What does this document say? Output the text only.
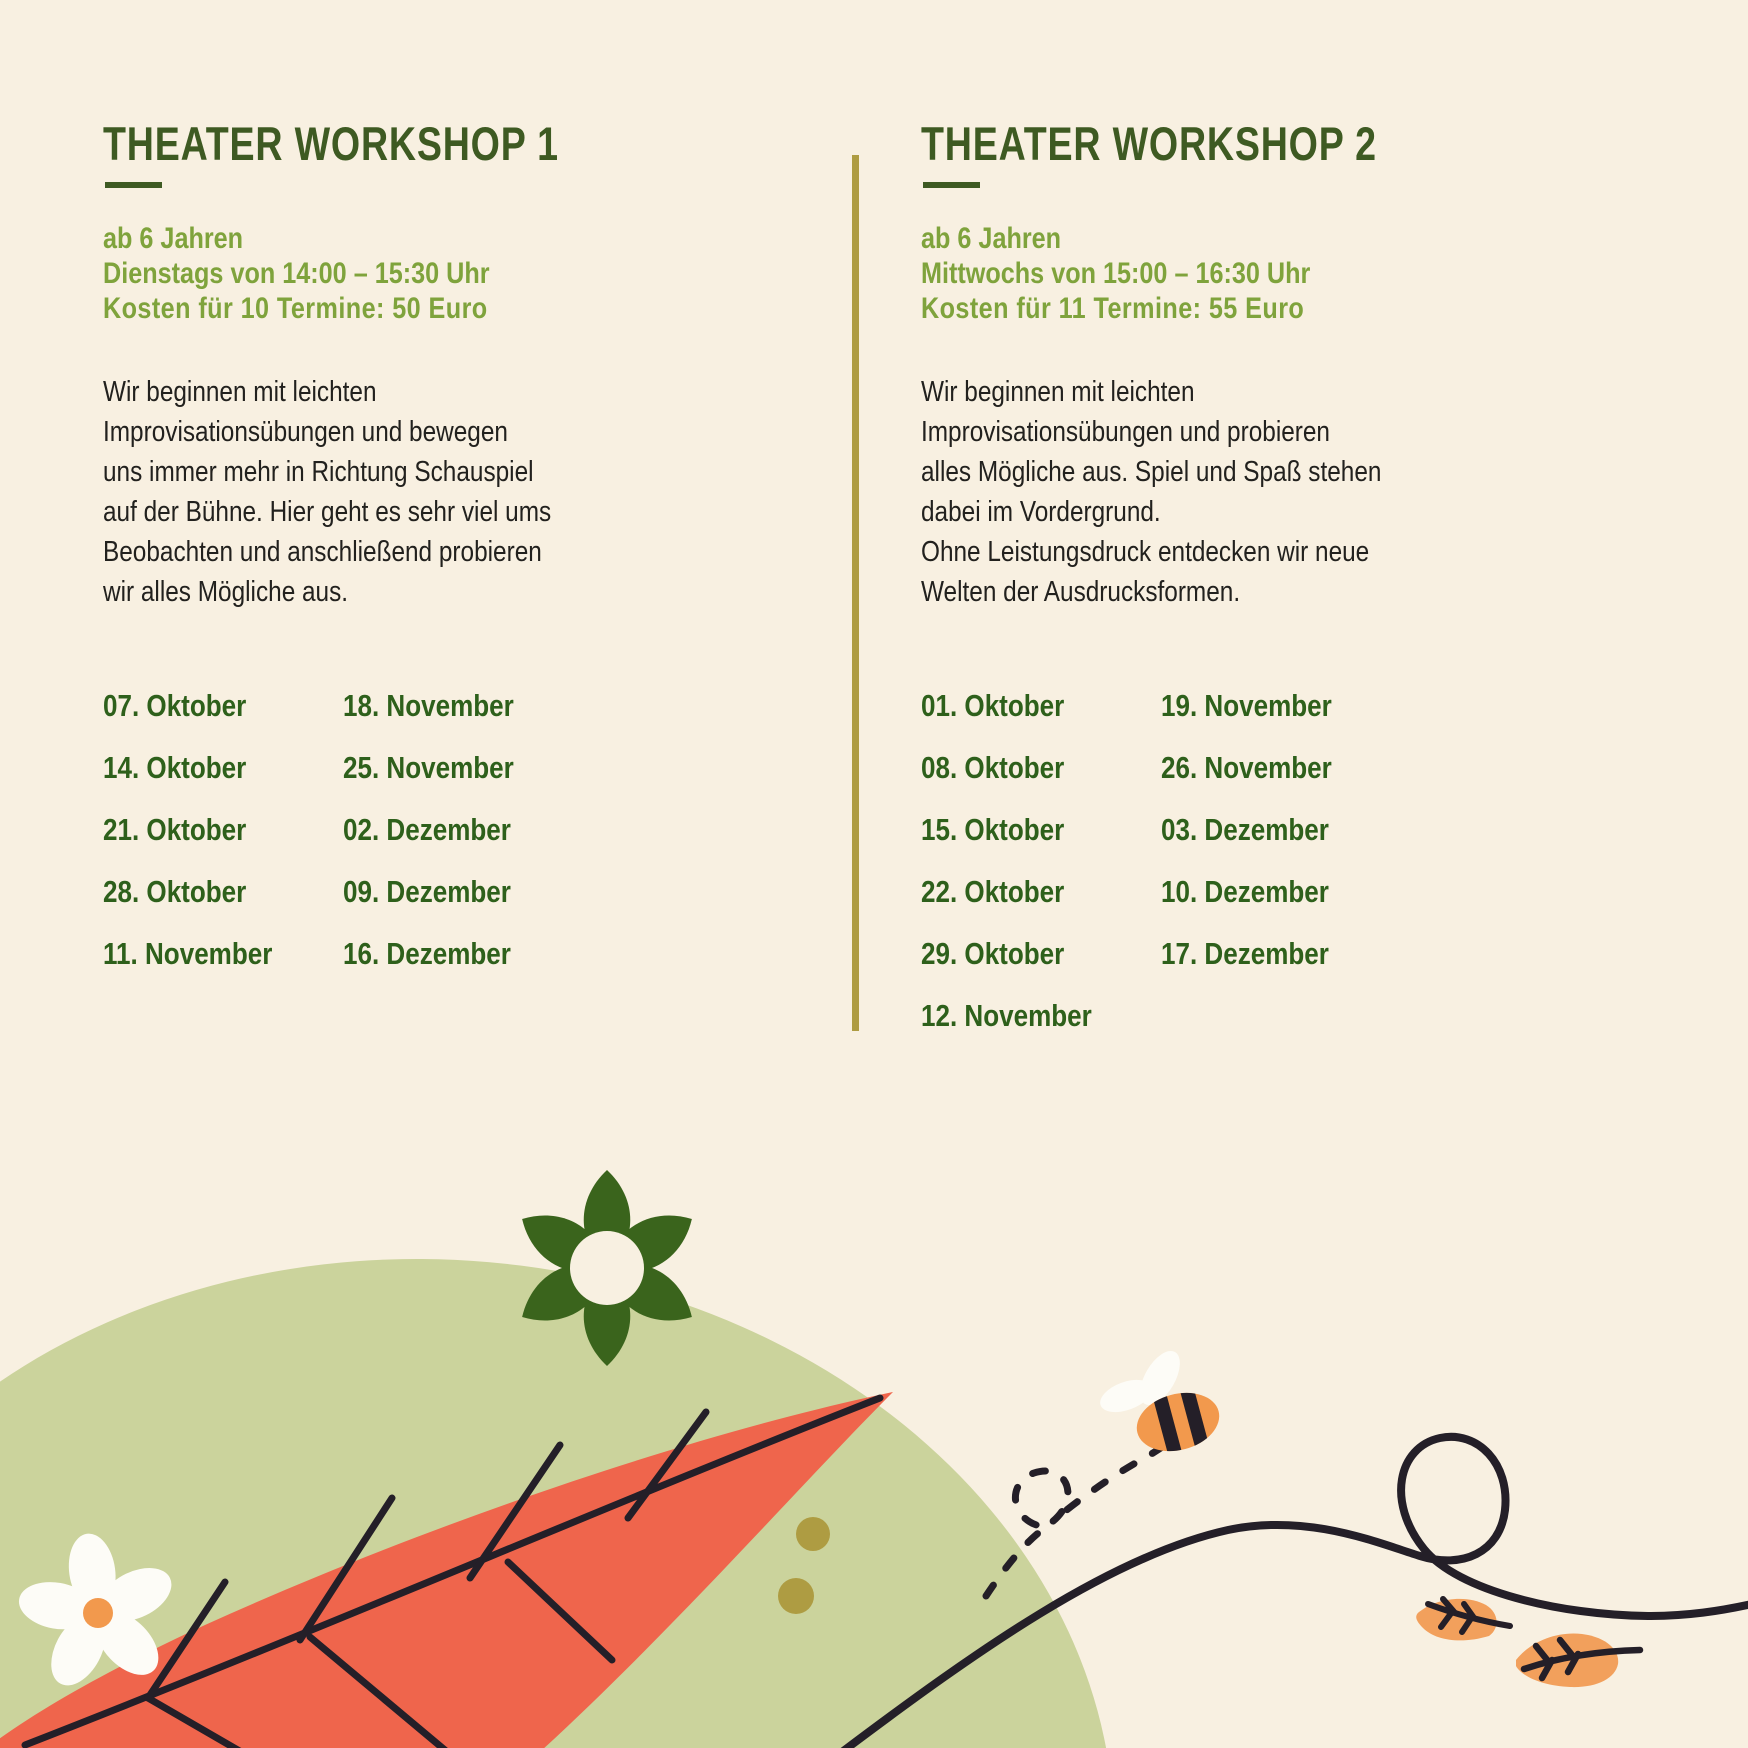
THEATER WORKSHOP 1
ab 6 Jahren
Dienstags von 14:00 – 15:30 Uhr
Kosten für 10 Termine: 50 Euro
Wir beginnen mit leichten
Improvisationsübungen und bewegen
uns immer mehr in Richtung Schauspiel
auf der Bühne. Hier geht es sehr viel ums
Beobachten und anschließend probieren
wir alles Mögliche aus.
07. Oktober
14. Oktober
21. Oktober
28. Oktober
11. November
18. November
25. November
02. Dezember
09. Dezember
16. Dezember
THEATER WORKSHOP 2
ab 6 Jahren
Mittwochs von 15:00 – 16:30 Uhr
Kosten für 11 Termine: 55 Euro
Wir beginnen mit leichten
Improvisationsübungen und probieren
alles Mögliche aus. Spiel und Spaß stehen
dabei im Vordergrund.
Ohne Leistungsdruck entdecken wir neue
Welten der Ausdrucksformen.
01. Oktober
08. Oktober
15. Oktober
22. Oktober
29. Oktober
12. November
19. November
26. November
03. Dezember
10. Dezember
17. Dezember
